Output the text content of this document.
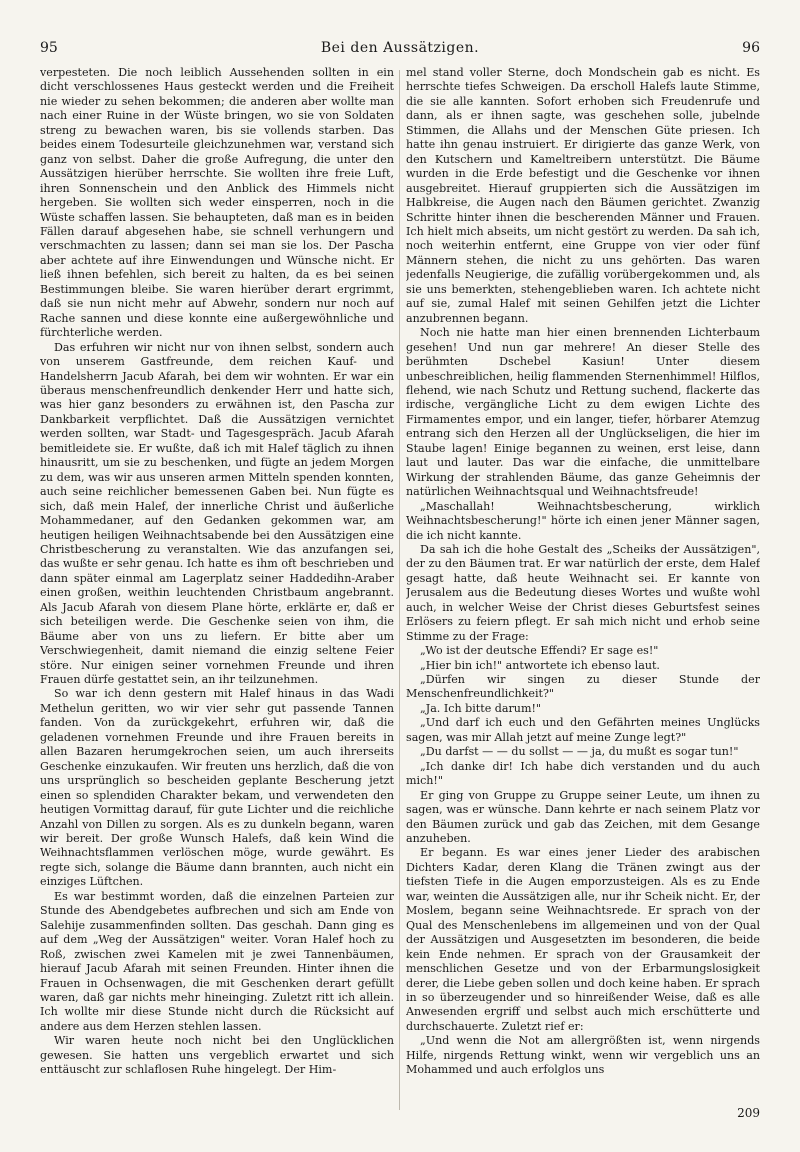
95	Bei den Aussätzigen.	96

verpesteten. Die noch leiblich Aussehenden sollten in ein dicht verschlossenes Haus gesteckt werden und die Freiheit nie wieder zu sehen bekommen; die anderen aber wollte man nach einer Ruine in der Wüste bringen, wo sie von Soldaten streng zu bewachen waren, bis sie vollends starben. Das beides einem Todesurteile gleichzunehmen war, verstand sich ganz von selbst. Daher die große Aufregung, die unter den Aussätzigen hierüber herrschte. Sie wollten ihre freie Luft, ihren Sonnenschein und den Anblick des Himmels nicht hergeben. Sie wollten sich weder einsperren, noch in die Wüste schaffen lassen. Sie behaupteten, daß man es in beiden Fällen darauf abgesehen habe, sie schnell verhungern und verschmachten zu lassen; dann sei man sie los. Der Pascha aber achtete auf ihre Einwendungen und Wünsche nicht. Er ließ ihnen befehlen, sich bereit zu halten, da es bei seinen Bestimmungen bleibe. Sie waren hierüber derart ergrimmt, daß sie nun nicht mehr auf Abwehr, sondern nur noch auf Rache sannen und diese konnte eine außergewöhnliche und fürchterliche werden.

Das erfuhren wir nicht nur von ihnen selbst, sondern auch von unserem Gastfreunde, dem reichen Kauf- und Handelsherrn Jacub Afarah, bei dem wir wohnten. Er war ein überaus menschenfreundlich denkender Herr und hatte sich, was hier ganz besonders zu erwähnen ist, den Pascha zur Dankbarkeit verpflichtet. Daß die Aussätzigen vernichtet werden sollten, war Stadt- und Tagesgespräch. Jacub Afarah bemitleidete sie. Er wußte, daß ich mit Halef täglich zu ihnen hinausritt, um sie zu beschenken, und fügte an jedem Morgen zu dem, was wir aus unseren armen Mitteln spenden konnten, auch seine reichlicher bemessenen Gaben bei. Nun fügte es sich, daß mein Halef, der innerliche Christ und äußerliche Mohammedaner, auf den Gedanken gekommen war, am heutigen heiligen Weihnachtsabende bei den Aussätzigen eine Christbescherung zu veranstalten. Wie das anzufangen sei, das wußte er sehr genau. Ich hatte es ihm oft beschrieben und dann später einmal am Lagerplatz seiner Haddedihn-Araber einen großen, weithin leuchtenden Christbaum angebrannt. Als Jacub Afarah von diesem Plane hörte, erklärte er, daß er sich beteiligen werde. Die Geschenke seien von ihm, die Bäume aber von uns zu liefern. Er bitte aber um Verschwiegenheit, damit niemand die einzig seltene Feier störe. Nur einigen seiner vornehmen Freunde und ihren Frauen dürfe gestattet sein, an ihr teilzunehmen.

So war ich denn gestern mit Halef hinaus in das Wadi Methelun geritten, wo wir vier sehr gut passende Tannen fanden. Von da zurückgekehrt, erfuhren wir, daß die geladenen vornehmen Freunde und ihre Frauen bereits in allen Bazaren herumgekrochen seien, um auch ihrerseits Geschenke einzukaufen. Wir freuten uns herzlich, daß die von uns ursprünglich so bescheiden geplante Bescherung jetzt einen so splendiden Charakter bekam, und verwendeten den heutigen Vormittag darauf, für gute Lichter und die reichliche Anzahl von Dillen zu sorgen. Als es zu dunkeln begann, waren wir bereit. Der große Wunsch Halefs, daß kein Wind die Weihnachtsflammen verlöschen möge, wurde gewährt. Es regte sich, solange die Bäume dann brannten, auch nicht ein einziges Lüftchen.

Es war bestimmt worden, daß die einzelnen Parteien zur Stunde des Abendgebetes aufbrechen und sich am Ende von Salehije zusammenfinden sollten. Das geschah. Dann ging es auf dem „Weg der Aussätzigen" weiter. Voran Halef hoch zu Roß, zwischen zwei Kamelen mit je zwei Tannenbäumen, hierauf Jacub Afarah mit seinen Freunden. Hinter ihnen die Frauen in Ochsenwagen, die mit Geschenken derart gefüllt waren, daß gar nichts mehr hineinging. Zuletzt ritt ich allein. Ich wollte mir diese Stunde nicht durch die Rücksicht auf andere aus dem Herzen stehlen lassen.

Wir waren heute noch nicht bei den Unglücklichen gewesen. Sie hatten uns vergeblich erwartet und sich enttäuscht zur schlaflosen Ruhe hingelegt. Der Him-

mel stand voller Sterne, doch Mondschein gab es nicht. Es herrschte tiefes Schweigen. Da erscholl Halefs laute Stimme, die sie alle kannten. Sofort erhoben sich Freudenrufe und dann, als er ihnen sagte, was geschehen solle, jubelnde Stimmen, die Allahs und der Menschen Güte priesen. Ich hatte ihn genau instruiert. Er dirigierte das ganze Werk, von den Kutschern und Kameltreibern unterstützt. Die Bäume wurden in die Erde befestigt und die Geschenke vor ihnen ausgebreitet. Hierauf gruppierten sich die Aussätzigen im Halbkreise, die Augen nach den Bäumen gerichtet. Zwanzig Schritte hinter ihnen die bescherenden Männer und Frauen. Ich hielt mich abseits, um nicht gestört zu werden. Da sah ich, noch weiterhin entfernt, eine Gruppe von vier oder fünf Männern stehen, die nicht zu uns gehörten. Das waren jedenfalls Neugierige, die zufällig vorübergekommen und, als sie uns bemerkten, stehengeblieben waren. Ich achtete nicht auf sie, zumal Halef mit seinen Gehilfen jetzt die Lichter anzubrennen begann.

Noch nie hatte man hier einen brennenden Lichterbaum gesehen! Und nun gar mehrere! An dieser Stelle des berühmten Dschebel Kasiun! Unter diesem unbeschreiblichen, heilig flammenden Sternenhimmel! Hilflos, flehend, wie nach Schutz und Rettung suchend, flackerte das irdische, vergängliche Licht zu dem ewigen Lichte des Firmamentes empor, und ein langer, tiefer, hörbarer Atemzug entrang sich den Herzen all der Unglückseligen, die hier im Staube lagen! Einige begannen zu weinen, erst leise, dann laut und lauter. Das war die einfache, die unmittelbare Wirkung der strahlenden Bäume, das ganze Geheimnis der natürlichen Weihnachtsqual und Weihnachtsfreude!

„Maschallah! Weihnachtsbescherung, wirklich Weihnachtsbescherung!" hörte ich einen jener Männer sagen, die ich nicht kannte.

Da sah ich die hohe Gestalt des „Scheiks der Aussätzigen", der zu den Bäumen trat. Er war natürlich der erste, dem Halef gesagt hatte, daß heute Weihnacht sei. Er kannte von Jerusalem aus die Bedeutung dieses Wortes und wußte wohl auch, in welcher Weise der Christ dieses Geburtsfest seines Erlösers zu feiern pflegt. Er sah mich nicht und erhob seine Stimme zu der Frage:

„Wo ist der deutsche Effendi? Er sage es!"

„Hier bin ich!" antwortete ich ebenso laut.

„Dürfen wir singen zu dieser Stunde der Menschenfreundlichkeit?"

„Ja. Ich bitte darum!"

„Und darf ich euch und den Gefährten meines Unglücks sagen, was mir Allah jetzt auf meine Zunge legt?"

„Du darfst — — du sollst — — ja, du mußt es sogar tun!"

„Ich danke dir! Ich habe dich verstanden und du auch mich!"

Er ging von Gruppe zu Gruppe seiner Leute, um ihnen zu sagen, was er wünsche. Dann kehrte er nach seinem Platz vor den Bäumen zurück und gab das Zeichen, mit dem Gesange anzuheben.

Er begann. Es war eines jener Lieder des arabischen Dichters Kadar, deren Klang die Tränen zwingt aus der tiefsten Tiefe in die Augen emporzusteigen. Als es zu Ende war, weinten die Aussätzigen alle, nur ihr Scheik nicht. Er, der Moslem, begann seine Weihnachtsrede. Er sprach von der Qual des Menschenlebens im allgemeinen und von der Qual der Aussätzigen und Ausgesetzten im besonderen, die beide kein Ende nehmen. Er sprach von der Grausamkeit der menschlichen Gesetze und von der Erbarmungslosigkeit derer, die Liebe geben sollen und doch keine haben. Er sprach in so überzeugender und so hinreißender Weise, daß es alle Anwesenden ergriff und selbst auch mich erschütterte und durchschauerte. Zuletzt rief er:

„Und wenn die Not am allergrößten ist, wenn nirgends Hilfe, nirgends Rettung winkt, wenn wir vergeblich uns an Mohammed und auch erfolglos uns

209
